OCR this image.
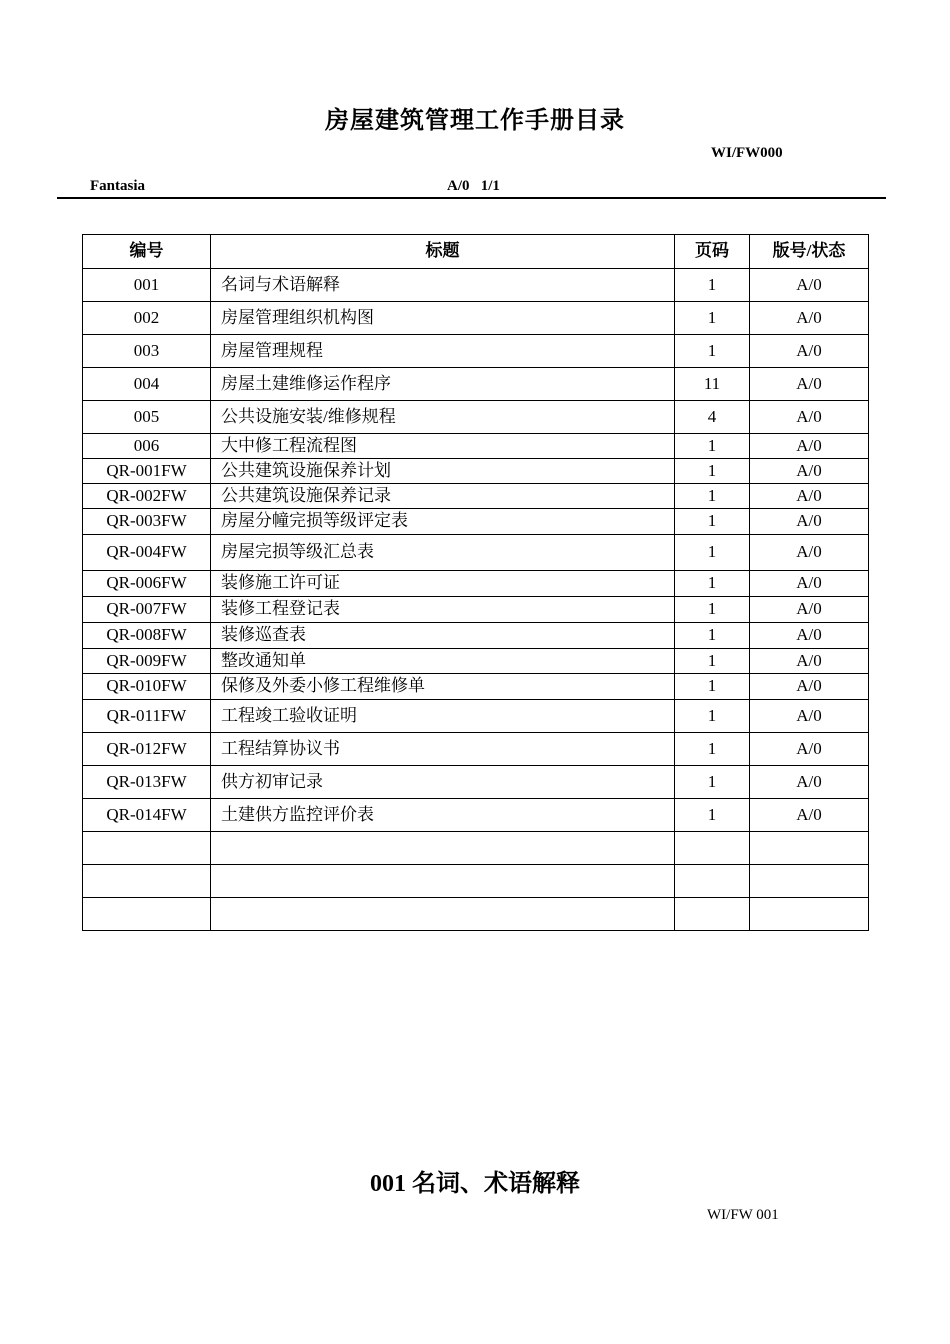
房屋建筑管理工作手册目录
WI/FW000
Fantasia	A/0   1/1
编号	标题	页码	版号/状态
001	名词与术语解释	1	A/0
002	房屋管理组织机构图	1	A/0
003	房屋管理规程	1	A/0
004	房屋土建维修运作程序	11	A/0
005	公共设施安装/维修规程	4	A/0
006	大中修工程流程图	1	A/0
QR-001FW	公共建筑设施保养计划	1	A/0
QR-002FW	公共建筑设施保养记录	1	A/0
QR-003FW	房屋分幢完损等级评定表	1	A/0
QR-004FW	房屋完损等级汇总表	1	A/0
QR-006FW	装修施工许可证	1	A/0
QR-007FW	装修工程登记表	1	A/0
QR-008FW	装修巡查表	1	A/0
QR-009FW	整改通知单	1	A/0
QR-010FW	保修及外委小修工程维修单	1	A/0
QR-011FW	工程竣工验收证明	1	A/0
QR-012FW	工程结算协议书	1	A/0
QR-013FW	供方初审记录	1	A/0
QR-014FW	土建供方监控评价表	1	A/0

001 名词、术语解释
WI/FW 001
